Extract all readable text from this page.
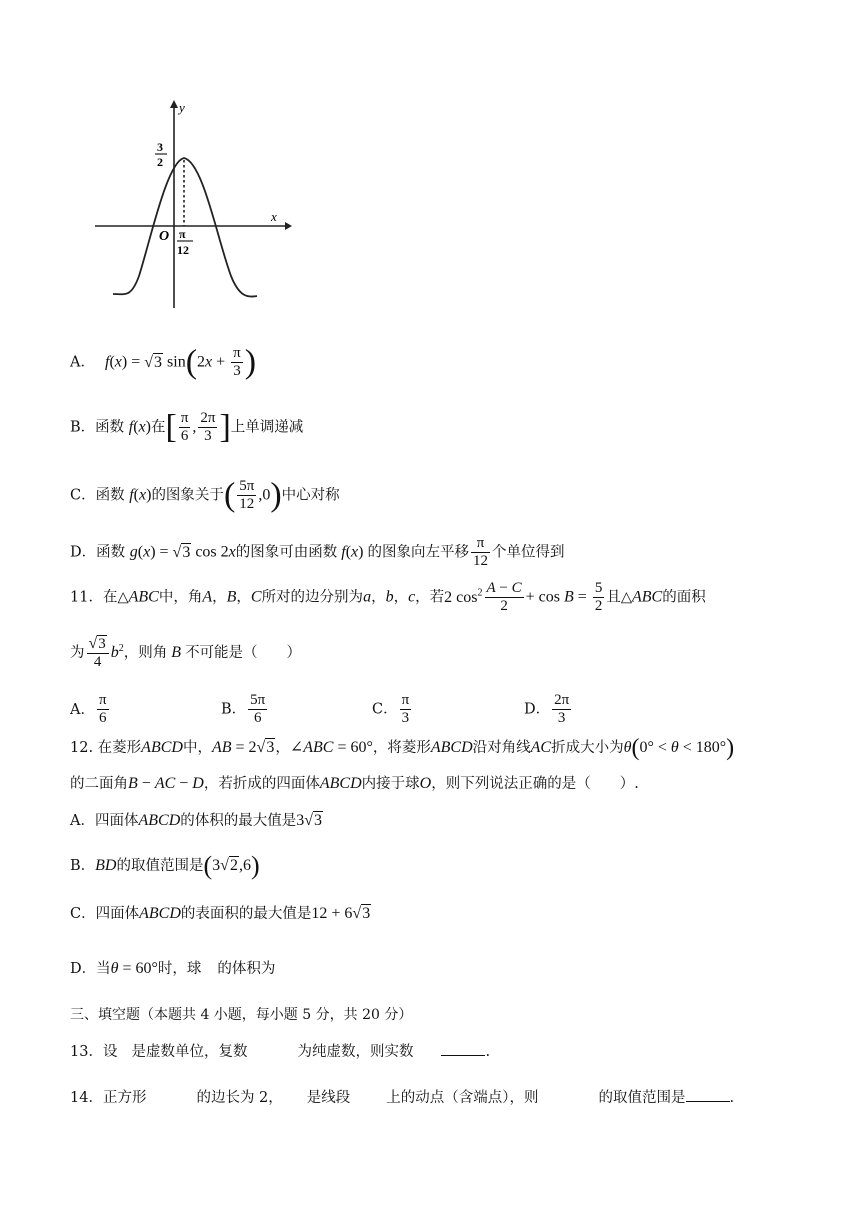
y
x
O
3
2
π
12
A． f(x) = √3 $\sin(2x + \frac{\pi}{3}$ )
B．函数 f(x)在[ $\frac{\pi}{6}$ , $\frac{2\pi}{3}$ ]上单调递减
C．函数 f(x)的图象关于( $\frac{5\pi}{12} ,0$)中心对称
D．函数 g(x) = √3 cos 2x的图象可由函数 f(x) 的图象向左平移 $\frac{\pi}{12}$ 个单位得到
11．在△ABC中，角A，B，C所对的边分别为a，b，c，若2 $\cos^2 \frac{A - C}{2} + \cos B = \frac{5}{2}$ 且△ABC的面积
为 $\frac{√3}{4} b^2$，则角 B 不可能是（　　）
A． $\frac{\pi}{6}$	B． $\frac{5\pi}{6}$	C． $\frac{\pi}{3}$	D． $\frac{2\pi}{3}$
12. 在菱形ABCD中，AB = 2√3，∠ABC = 60°，将菱形ABCD沿对角线AC折成大小为θ(0° < θ < 180°)
的二面角B − AC − D，若折成的四面体ABCD内接于球O，则下列说法正确的是（　　）.
A．四面体ABCD的体积的最大值是3√3
B．BD的取值范围是(3√2,6)
C．四面体ABCD的表面积的最大值是12 + 6√3
D．当θ = 60°时，球 的体积为
三、填空题（本题共 4 小题，每小题 5 分，共 20 分）
13．设 是虚数单位，复数	为纯虚数，则实数	.
14．正方形	的边长为 2， 是线段 上的动点（含端点），则	的取值范围是	.
